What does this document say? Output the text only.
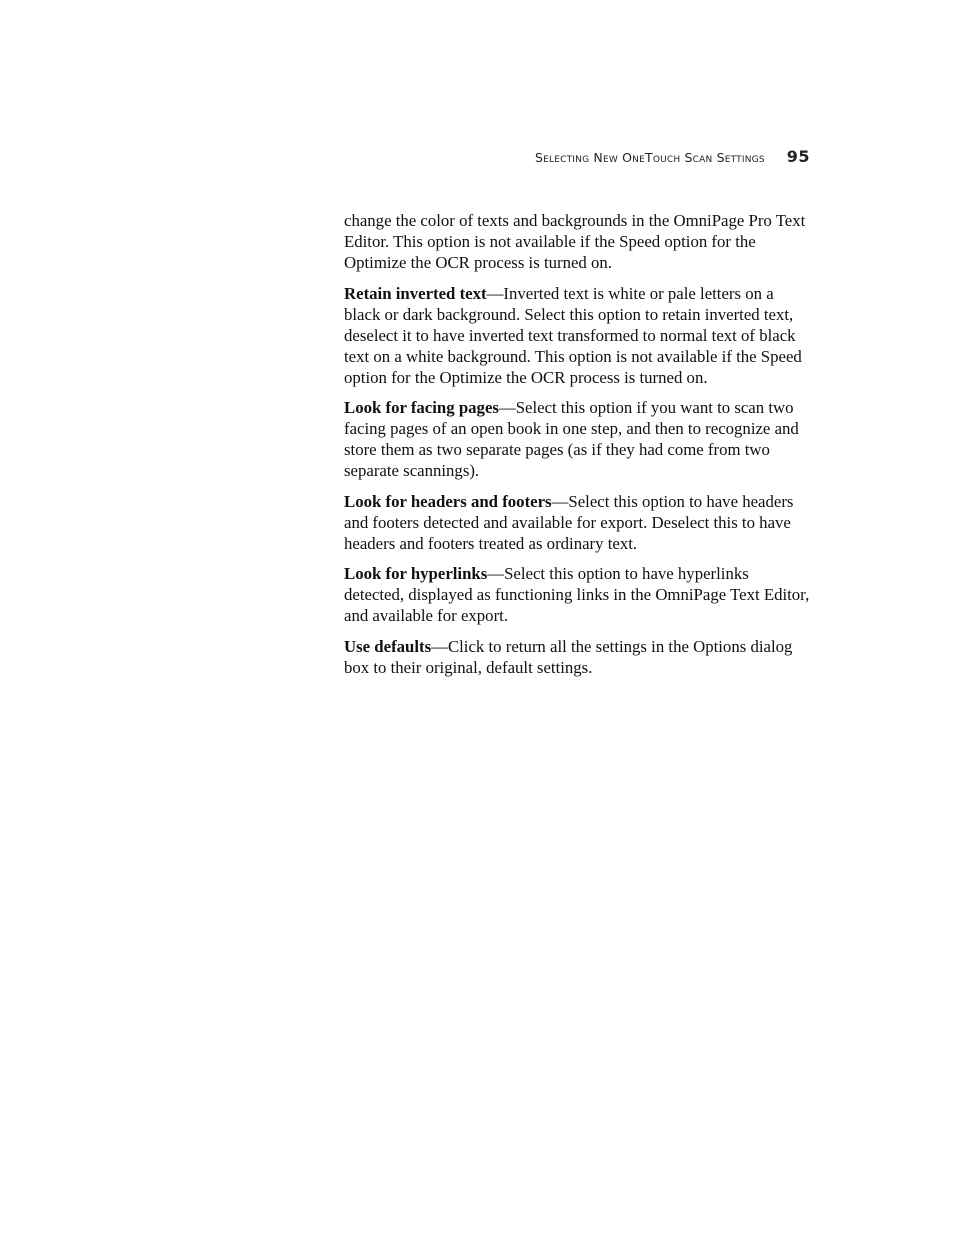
Selecting New OneTouch Scan Settings 95

change the color of texts and backgrounds in the OmniPage Pro Text Editor. This option is not available if the Speed option for the Optimize the OCR process is turned on.

Retain inverted text—Inverted text is white or pale letters on a black or dark background. Select this option to retain inverted text, deselect it to have inverted text transformed to normal text of black text on a white background. This option is not available if the Speed option for the Optimize the OCR process is turned on.

Look for facing pages—Select this option if you want to scan two facing pages of an open book in one step, and then to recognize and store them as two separate pages (as if they had come from two separate scannings).

Look for headers and footers—Select this option to have headers and footers detected and available for export. Deselect this to have headers and footers treated as ordinary text.

Look for hyperlinks—Select this option to have hyperlinks detected, displayed as functioning links in the OmniPage Text Editor, and available for export.

Use defaults—Click to return all the settings in the Options dialog box to their original, default settings.
